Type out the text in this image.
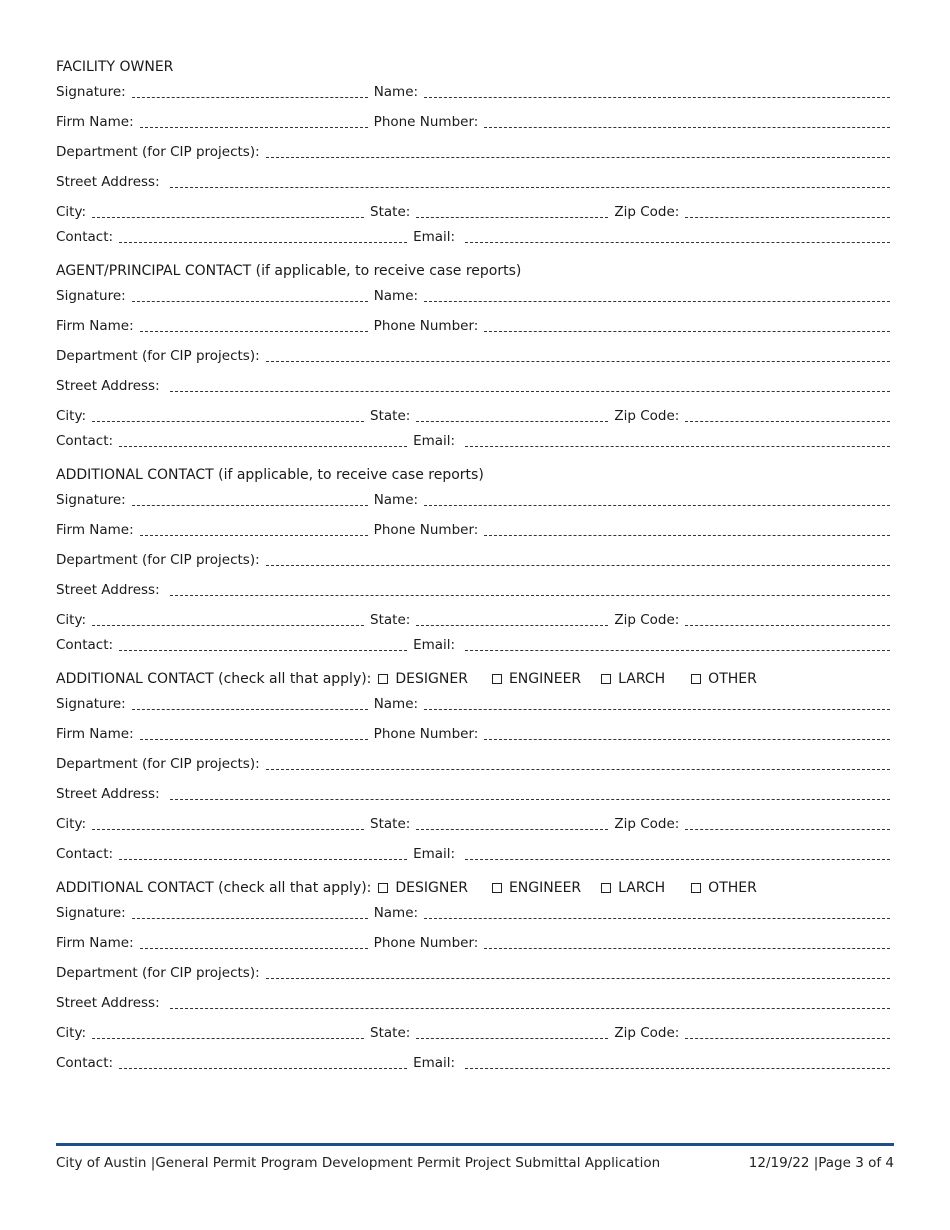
FACILITY OWNER
Signature:	Name:
Firm Name:	Phone Number:
Department (for CIP projects):
Street Address:
City:	State:	Zip Code:
Contact:	Email:
AGENT/PRINCIPAL CONTACT (if applicable, to receive case reports)
Signature:	Name:
Firm Name:	Phone Number:
Department (for CIP projects):
Street Address:
City:	State:	Zip Code:
Contact:	Email:
ADDITIONAL CONTACT (if applicable, to receive case reports)
Signature:	Name:
Firm Name:	Phone Number:
Department (for CIP projects):
Street Address:
City:	State:	Zip Code:
Contact:	Email:
ADDITIONAL CONTACT (check all that apply): DESIGNER	ENGINEER	LARCH	OTHER
Signature:	Name:
Firm Name:	Phone Number:
Department (for CIP projects):
Street Address:
City:	State:	Zip Code:
Contact:	Email:
ADDITIONAL CONTACT (check all that apply): DESIGNER	ENGINEER	LARCH	OTHER
Signature:	Name:
Firm Name:	Phone Number:
Department (for CIP projects):
Street Address:
City:	State:	Zip Code:
Contact:	Email:
City of Austin |General Permit Program Development Permit Project Submittal Application	12/19/22 |Page 3 of 4
